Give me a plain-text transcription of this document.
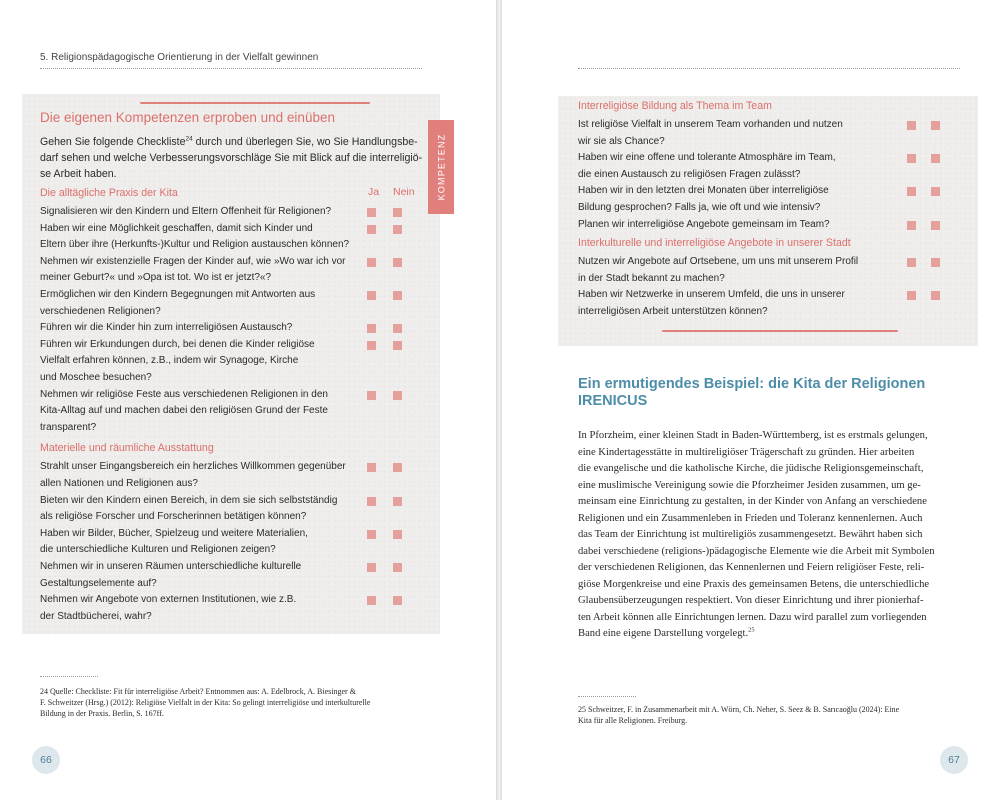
5. Religionspädagogische Orientierung in der Vielfalt gewinnen
Die eigenen Kompetenzen erproben und einüben
Gehen Sie folgende Checkliste$^{24}$ durch und überlegen Sie, wo Sie Handlungsbe-
darf sehen und welche Verbesserungsvorschläge Sie mit Blick auf die interreligiö-
se Arbeit haben.	KOMPETENZ
Ja Nein
Die alltägliche Praxis der Kita
Signalisieren wir den Kindern und Eltern Offenheit für Religionen?
Haben wir eine Möglichkeit geschaffen, damit sich Kinder und
Eltern über ihre (Herkunfts-)Kultur und Religion austauschen können?
Nehmen wir existenzielle Fragen der Kinder auf, wie »Wo war ich vor
meiner Geburt?« und »Opa ist tot. Wo ist er jetzt?«?
Ermöglichen wir den Kindern Begegnungen mit Antworten aus
verschiedenen Religionen?
Führen wir die Kinder hin zum interreligiösen Austausch?
Führen wir Erkundungen durch, bei denen die Kinder religiöse
Vielfalt erfahren können, z.B., indem wir Synagoge, Kirche
und Moschee besuchen?
Nehmen wir religiöse Feste aus verschiedenen Religionen in den
Kita-Alltag auf und machen dabei den religiösen Grund der Feste
transparent?
Materielle und räumliche Ausstattung
Strahlt unser Eingangsbereich ein herzliches Willkommen gegenüber
allen Nationen und Religionen aus?
Bieten wir den Kindern einen Bereich, in dem sie sich selbstständig
als religiöse Forscher und Forscherinnen betätigen können?
Haben wir Bilder, Bücher, Spielzeug und weitere Materialien,
die unterschiedliche Kulturen und Religionen zeigen?
Nehmen wir in unseren Räumen unterschiedliche kulturelle
Gestaltungselemente auf?
Nehmen wir Angebote von externen Institutionen, wie z.B.
der Stadtbücherei, wahr?
24 Quelle: Checkliste: Fit für interreligiöse Arbeit? Entnommen aus: A. Edelbrock, A. Biesinger &
F. Schweitzer (Hrsg.) (2012): Religiöse Vielfalt in der Kita: So gelingt interreligiöse und interkulturelle
Bildung in der Praxis. Berlin, S. 167ff.
66
Interreligiöse Bildung als Thema im Team
Ist religiöse Vielfalt in unserem Team vorhanden und nutzen
wir sie als Chance?
Haben wir eine offene und tolerante Atmosphäre im Team,
die einen Austausch zu religiösen Fragen zulässt?
Haben wir in den letzten drei Monaten über interreligiöse
Bildung gesprochen? Falls ja, wie oft und wie intensiv?
Planen wir interreligiöse Angebote gemeinsam im Team?
Interkulturelle und interreligiöse Angebote in unserer Stadt
Nutzen wir Angebote auf Ortsebene, um uns mit unserem Profil
in der Stadt bekannt zu machen?
Haben wir Netzwerke in unserem Umfeld, die uns in unserer
interreligiösen Arbeit unterstützen können?
Ein ermutigendes Beispiel: die Kita der Religionen
IRENICUS
In Pforzheim, einer kleinen Stadt in Baden-Württemberg, ist es erstmals gelungen,
eine Kindertagesstätte in multireligiöser Trägerschaft zu gründen. Hier arbeiten
die evangelische und die katholische Kirche, die jüdische Religionsgemeinschaft,
eine muslimische Vereinigung sowie die Pforzheimer Jesiden zusammen, um ge-
meinsam eine Einrichtung zu gestalten, in der Kinder von Anfang an verschiedene
Religionen und ein Zusammenleben in Frieden und Toleranz kennenlernen. Auch
das Team der Einrichtung ist multireligiös zusammengesetzt. Bewährt haben sich
dabei verschiedene (religions-)pädagogische Elemente wie die Arbeit mit Symbolen
der verschiedenen Religionen, das Kennenlernen und Feiern religiöser Feste, reli-
giöse Morgenkreise und eine Praxis des gemeinsamen Betens, die unterschiedliche
Glaubensüberzeugungen respektiert. Von dieser Einrichtung und ihrer pionierhaf-
ten Arbeit können alle Einrichtungen lernen. Dazu wird parallel zum vorliegenden
Band eine eigene Darstellung vorgelegt.$^{25}$
25 Schweitzer, F. in Zusammenarbeit mit A. Wörn, Ch. Neher, S. Seez & B. Sarıcaoğlu (2024): Eine
Kita für alle Religionen. Freiburg.
67
